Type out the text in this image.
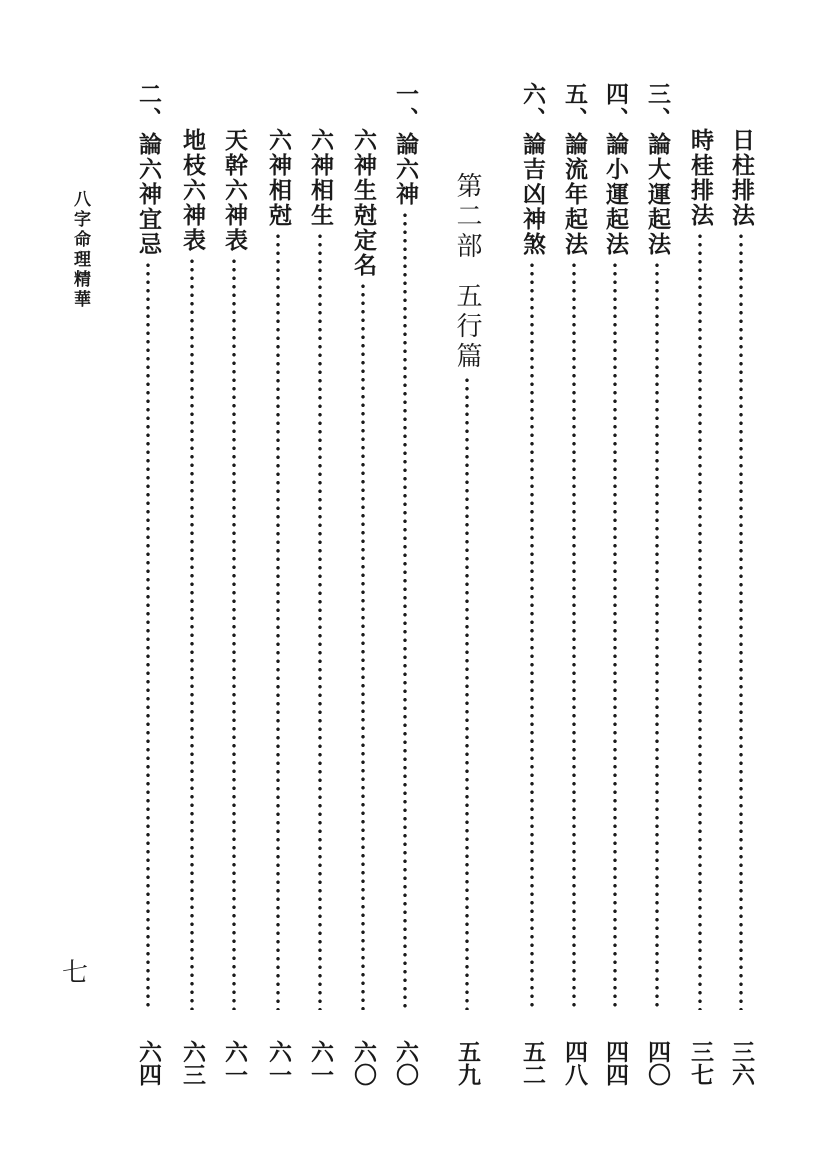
八字命理精華
七
日柱排法
三六
時桂排法
三七
三、論大運起法
四〇
四、論小運起法
四四
五、論流年起法
四八
六、論吉凶神煞
五二
第二部
五行篇
五九
一、論六神
六〇
六神生尅定名
六〇
六神相生
六一
六神相尅
六一
天幹六神表
六一
地枝六神表
六三
二、論六神宜忌
六四
